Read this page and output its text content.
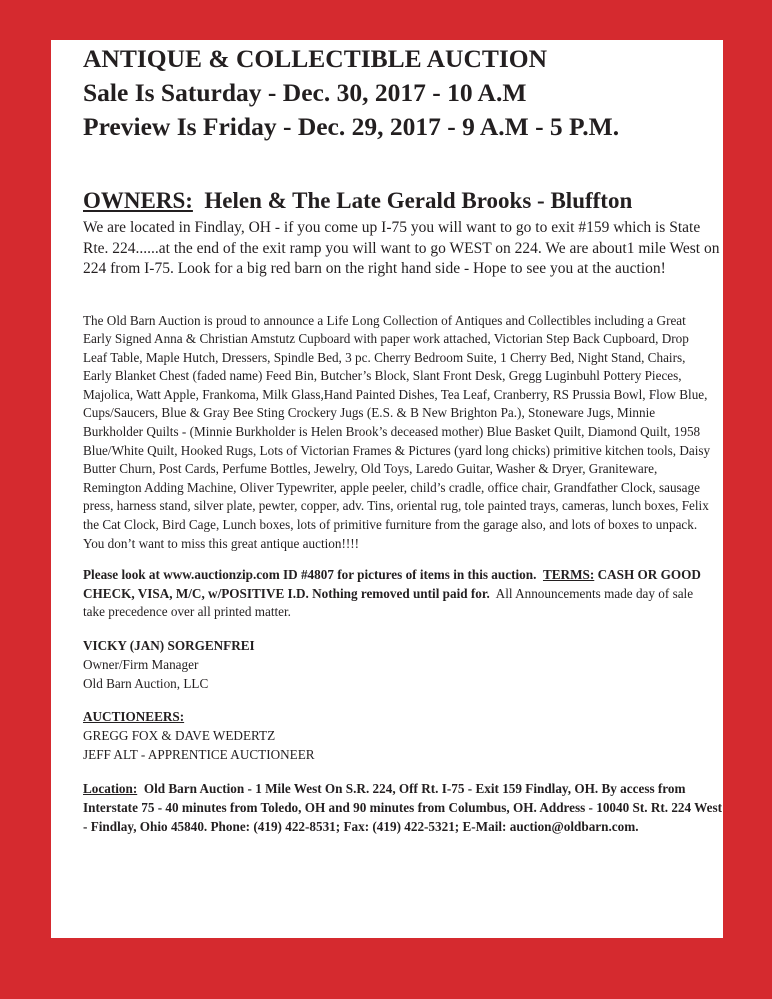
ANTIQUE & COLLECTIBLE AUCTION

Sale Is Saturday - Dec. 30, 2017 - 10 A.M

Preview Is Friday - Dec. 29, 2017 - 9 A.M - 5 P.M.

OWNERS: Helen & The Late Gerald Brooks - Bluffton

We are located in Findlay, OH - if you come up I-75 you will want to go to exit #159 which is State Rte. 224......at the end of the exit ramp you will want to go WEST on 224. We are about1 mile West on 224 from I-75. Look for a big red barn on the right hand side - Hope to see you at the auction!

The Old Barn Auction is proud to announce a Life Long Collection of Antiques and Collectibles including a Great Early Signed Anna & Christian Amstutz Cupboard with paper work attached, Victorian Step Back Cupboard, Drop Leaf Table, Maple Hutch, Dressers, Spindle Bed, 3 pc. Cherry Bedroom Suite, 1 Cherry Bed, Night Stand, Chairs, Early Blanket Chest (faded name) Feed Bin, Butcher’s Block, Slant Front Desk, Gregg Luginbuhl Pottery Pieces, Majolica, Watt Apple, Frankoma, Milk Glass,Hand Painted Dishes, Tea Leaf, Cranberry, RS Prussia Bowl, Flow Blue, Cups/Saucers, Blue & Gray Bee Sting Crockery Jugs (E.S. & B New Brighton Pa.), Stoneware Jugs, Minnie Burkholder Quilts - (Minnie Burkholder is Helen Brook’s deceased mother) Blue Basket Quilt, Diamond Quilt, 1958 Blue/White Quilt, Hooked Rugs, Lots of Victorian Frames & Pictures (yard long chicks) primitive kitchen tools, Daisy Butter Churn, Post Cards, Perfume Bottles, Jewelry, Old Toys, Laredo Guitar, Washer & Dryer, Graniteware, Remington Adding Machine, Oliver Typewriter, apple peeler, child’s cradle, office chair, Grandfather Clock, sausage press, harness stand, silver plate, pewter, copper, adv. Tins, oriental rug, tole painted trays, cameras, lunch boxes, Felix the Cat Clock, Bird Cage, Lunch boxes, lots of primitive furniture from the garage also, and lots of boxes to unpack. You don’t want to miss this great antique auction!!!!

Please look at www.auctionzip.com ID #4807 for pictures of items in this auction. TERMS: CASH OR GOOD CHECK, VISA, M/C, w/POSITIVE I.D. Nothing removed until paid for. All Announcements made day of sale take precedence over all printed matter.

VICKY (JAN) SORGENFREI
Owner/Firm Manager
Old Barn Auction, LLC
AUCTIONEERS:
GREGG FOX & DAVE WEDERTZ
JEFF ALT - APPRENTICE AUCTIONEER

Location: Old Barn Auction - 1 Mile West On S.R. 224, Off Rt. I-75 - Exit 159 Findlay, OH. By access from Interstate 75 - 40 minutes from Toledo, OH and 90 minutes from Columbus, OH. Address - 10040 St. Rt. 224 West - Findlay, Ohio 45840. Phone: (419) 422-8531; Fax: (419) 422-5321; E-Mail: auction@oldbarn.com.
